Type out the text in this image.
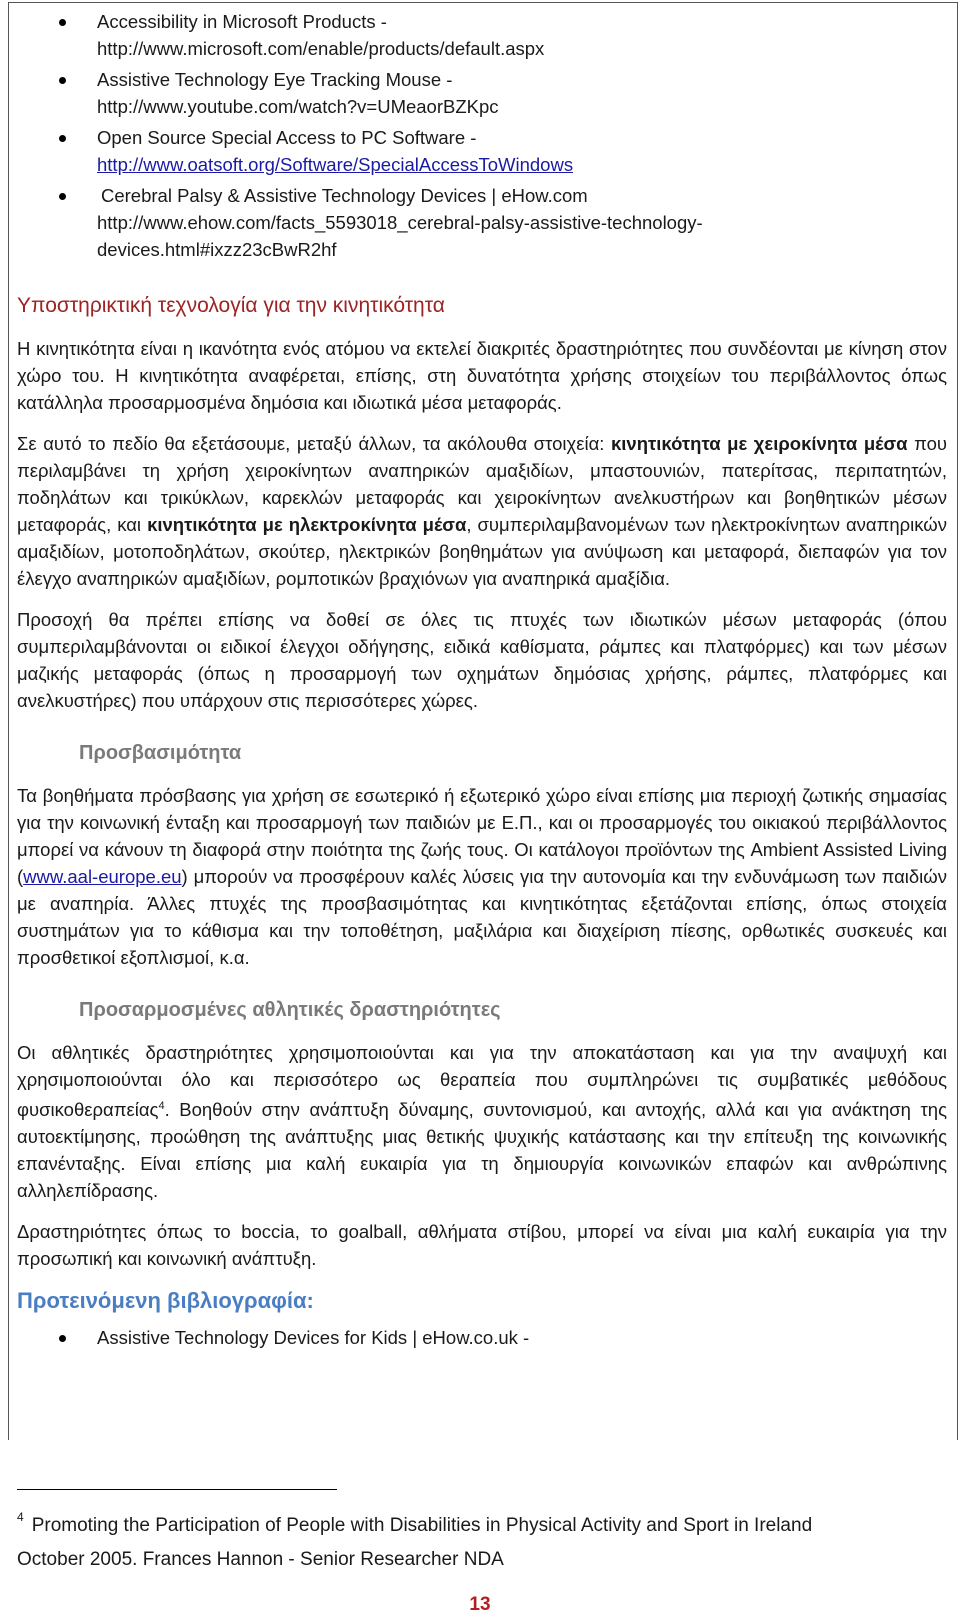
Accessibility in Microsoft Products -
http://www.microsoft.com/enable/products/default.aspx
Assistive Technology Eye Tracking Mouse -
http://www.youtube.com/watch?v=UMeaorBZKpc
Open Source Special Access to PC Software -
http://www.oatsoft.org/Software/SpecialAccessToWindows
Cerebral Palsy & Assistive Technology Devices | eHow.com
http://www.ehow.com/facts_5593018_cerebral-palsy-assistive-technology-
devices.html#ixzz23cBwR2hf
Υποστηρικτική τεχνολογία για την κινητικότητα

Η κινητικότητα είναι η ικανότητα ενός ατόμου να εκτελεί διακριτές δραστηριότητες που συνδέονται με κίνηση στον χώρο του. Η κινητικότητα αναφέρεται, επίσης, στη δυνατότητα χρήσης στοιχείων του περιβάλλοντος όπως κατάλληλα προσαρμοσμένα δημόσια και ιδιωτικά μέσα μεταφοράς.

Σε αυτό το πεδίο θα εξετάσουμε, μεταξύ άλλων, τα ακόλουθα στοιχεία: κινητικότητα με χειροκίνητα μέσα που περιλαμβάνει τη χρήση χειροκίνητων αναπηρικών αμαξιδίων, μπαστουνιών, πατερίτσας, περιπατητών, ποδηλάτων και τρικύκλων, καρεκλών μεταφοράς και χειροκίνητων ανελκυστήρων και βοηθητικών μέσων μεταφοράς, και κινητικότητα με ηλεκτροκίνητα μέσα, συμπεριλαμβανομένων των ηλεκτροκίνητων αναπηρικών αμαξιδίων, μοτοποδηλάτων, σκούτερ, ηλεκτρικών βοηθημάτων για ανύψωση και μεταφορά, διεπαφών για τον έλεγχο αναπηρικών αμαξιδίων, ρομποτικών βραχιόνων για αναπηρικά αμαξίδια.

Προσοχή θα πρέπει επίσης να δοθεί σε όλες τις πτυχές των ιδιωτικών μέσων μεταφοράς (όπου συμπεριλαμβάνονται οι ειδικοί έλεγχοι οδήγησης, ειδικά καθίσματα, ράμπες και πλατφόρμες) και των μέσων μαζικής μεταφοράς (όπως η προσαρμογή των οχημάτων δημόσιας χρήσης, ράμπες, πλατφόρμες και ανελκυστήρες) που υπάρχουν στις περισσότερες χώρες.

Προσβασιμότητα

Τα βοηθήματα πρόσβασης για χρήση σε εσωτερικό ή εξωτερικό χώρο είναι επίσης μια περιοχή ζωτικής σημασίας για την κοινωνική ένταξη και προσαρμογή των παιδιών με Ε.Π., και οι προσαρμογές του οικιακού περιβάλλοντος μπορεί να κάνουν τη διαφορά στην ποιότητα της ζωής τους. Οι κατάλογοι προϊόντων της Ambient Assisted Living (www.aal-europe.eu) μπορούν να προσφέρουν καλές λύσεις για την αυτονομία και την ενδυνάμωση των παιδιών με αναπηρία. Άλλες πτυχές της προσβασιμότητας και κινητικότητας εξετάζονται επίσης, όπως στοιχεία συστημάτων για το κάθισμα και την τοποθέτηση, μαξιλάρια και διαχείριση πίεσης, ορθωτικές συσκευές και προσθετικοί εξοπλισμοί, κ.α.

Προσαρμοσμένες αθλητικές δραστηριότητες

Οι αθλητικές δραστηριότητες χρησιμοποιούνται και για την αποκατάσταση και για την αναψυχή και χρησιμοποιούνται όλο και περισσότερο ως θεραπεία που συμπληρώνει τις συμβατικές μεθόδους φυσικοθεραπείας$^4$. Βοηθούν στην ανάπτυξη δύναμης, συντονισμού, και αντοχής, αλλά και για ανάκτηση της αυτοεκτίμησης, προώθηση της ανάπτυξης μιας θετικής ψυχικής κατάστασης και την επίτευξη της κοινωνικής επανένταξης. Είναι επίσης μια καλή ευκαιρία για τη δημιουργία κοινωνικών επαφών και ανθρώπινης αλληλεπίδρασης.

Δραστηριότητες όπως το boccia, το goalball, αθλήματα στίβου, μπορεί να είναι μια καλή ευκαιρία για την προσωπική και κοινωνική ανάπτυξη.

Προτεινόμενη βιβλιογραφία:
Assistive Technology Devices for Kids | eHow.co.uk -
$^4$ Promoting the Participation of People with Disabilities in Physical Activity and Sport in Ireland
October 2005. Frances Hannon - Senior Researcher NDA
13
